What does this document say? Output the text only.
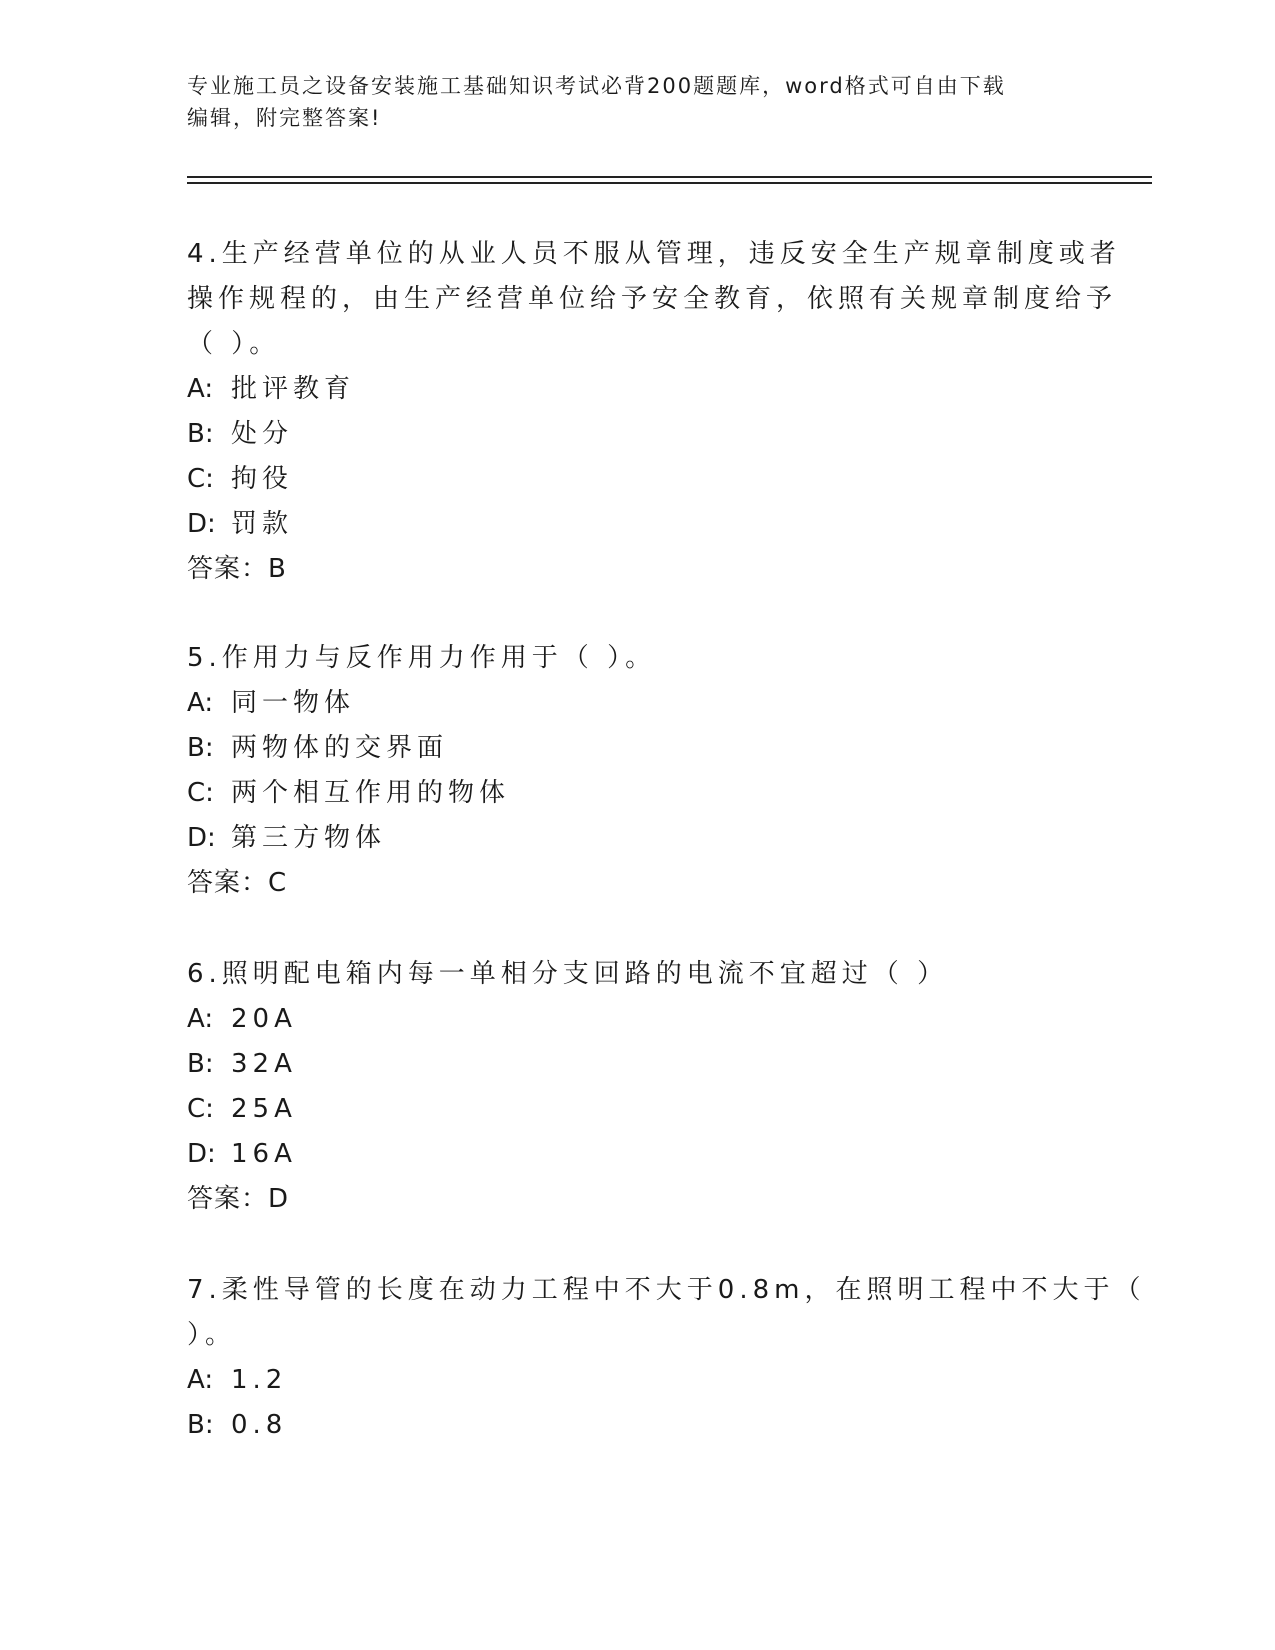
专业施工员之设备安装施工基础知识考试必背200题题库，word格式可自由下载
编辑，附完整答案!
4.生产经营单位的从业人员不服从管理，违反安全生产规章制度或者
操作规程的，由生产经营单位给予安全教育，依照有关规章制度给予
（ ）。
A: 批评教育
B: 处分
C: 拘役
D: 罚款
答案：B
5.作用力与反作用力作用于（ ）。
A: 同一物体
B: 两物体的交界面
C: 两个相互作用的物体
D: 第三方物体
答案：C
6.照明配电箱内每一单相分支回路的电流不宜超过（ ）
A: 20A
B: 32A
C: 25A
D: 16A
答案：D
7.柔性导管的长度在动力工程中不大于0.8m，在照明工程中不大于（
）。
A: 1.2
B: 0.8
